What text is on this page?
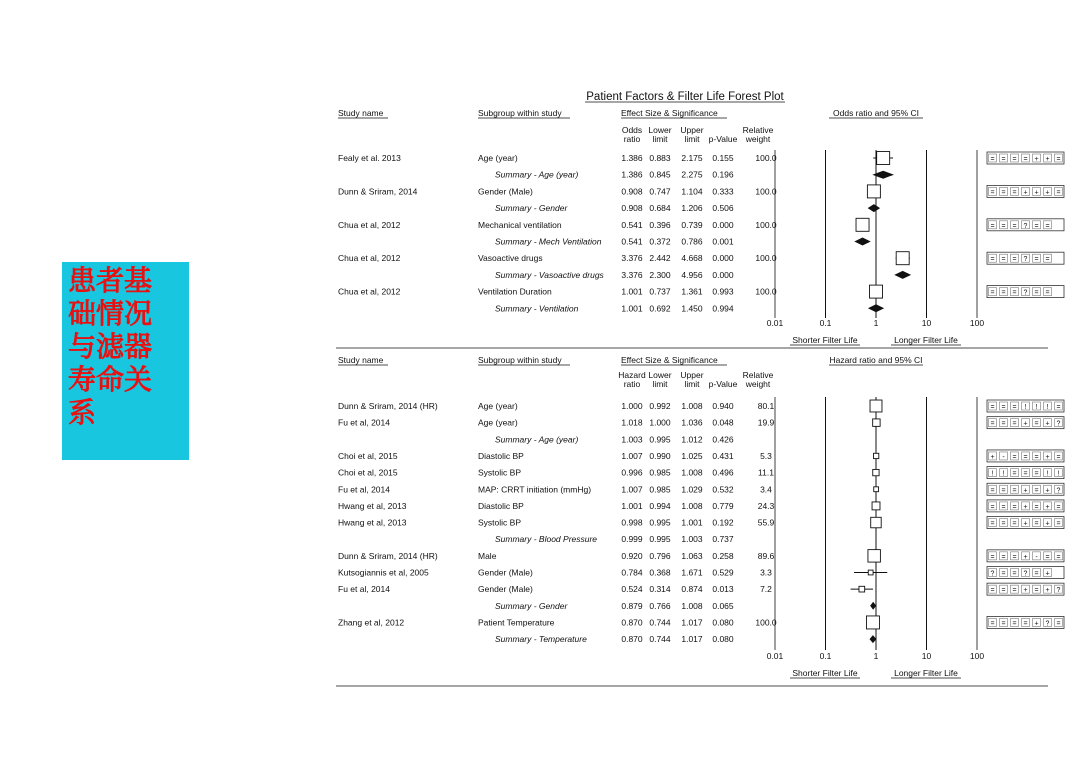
患者基
础情况
与滤器
寿命关
系
Patient Factors & Filter Life Forest Plot
Study name	Subgroup within study	Effect Size & Significance	Odds ratio and 95% CI
Odds Lower Upper	Relative
ratio limit limit p-Value weight
Fealy et al. 2013	Age (year)	1.386 0.883 2.175 0.155	100.0	= = = = + + =
Summary - Age (year)	1.386 0.845 2.275 0.196
Dunn & Sriram, 2014	Gender (Male)	0.908 0.747 1.104 0.333	100.0	= = = + + + =
Summary - Gender	0.908 0.684 1.206 0.506
Chua et al, 2012	Mechanical ventilation	0.541 0.396 0.739 0.000	100.0	= = = ? = =
Summary - Mech Ventilation 0.541 0.372 0.786 0.001
Chua et al, 2012	Vasoactive drugs	3.376 2.442 4.668 0.000	100.0	= = = ? = =
Summary - Vasoactive drugs 3.376 2.300 4.956 0.000
Chua et al, 2012	Ventilation Duration	1.001 0.737 1.361 0.993	100.0	= = = ? = =
Summary - Ventilation	1.001 0.692 1.450 0.994
0.01	0.1	1	10	100
Shorter Filter Life	Longer Filter Life
Study name	Subgroup within study	Effect Size & Significance	Hazard ratio and 95% CI
Hazard Lower Upper	Relative
ratio limit limit p-Value weight
Dunn & Sriram, 2014 (HR)	Age (year)	1.000 0.992 1.008 0.940	80.1	= = = ! ! ! =
Fu et al, 2014	Age (year)	1.018 1.000 1.036 0.048	19.9	= = = + = + ?
Summary - Age (year)	1.003 0.995 1.012 0.426
Choi et al, 2015	Diastolic BP	1.007 0.990 1.025 0.431	5.3	+ - = = = + =
Choi et al, 2015	Systolic BP	0.996 0.985 1.008 0.496	11.1	! ! = = = ! !
Fu et al, 2014	MAP: CRRT initiation (mmHg)	1.007 0.985 1.029 0.532	3.4	= = = + = + ?
Hwang et al, 2013	Diastolic BP	1.001 0.994 1.008 0.779	24.3	= = = + = + =
Hwang et al, 2013	Systolic BP	0.998 0.995 1.001 0.192	55.9	= = = + = + =
Summary - Blood Pressure	0.999 0.995 1.003 0.737
Dunn & Sriram, 2014 (HR)	Male	0.920 0.796 1.063 0.258	89.6	= = = + - = =
Kutsogiannis et al, 2005	Gender (Male)	0.784 0.368 1.671 0.529	3.3	? = = ? = +
Fu et al, 2014	Gender (Male)	0.524 0.314 0.874 0.013	7.2	= = = + = + ?
Summary - Gender	0.879 0.766 1.008 0.065
Zhang et al, 2012	Patient Temperature	0.870 0.744 1.017 0.080	100.0	= = = = + ? =
Summary - Temperature	0.870 0.744 1.017 0.080
0.01	0.1	1	10	100
Shorter Filter Life	Longer Filter Life
